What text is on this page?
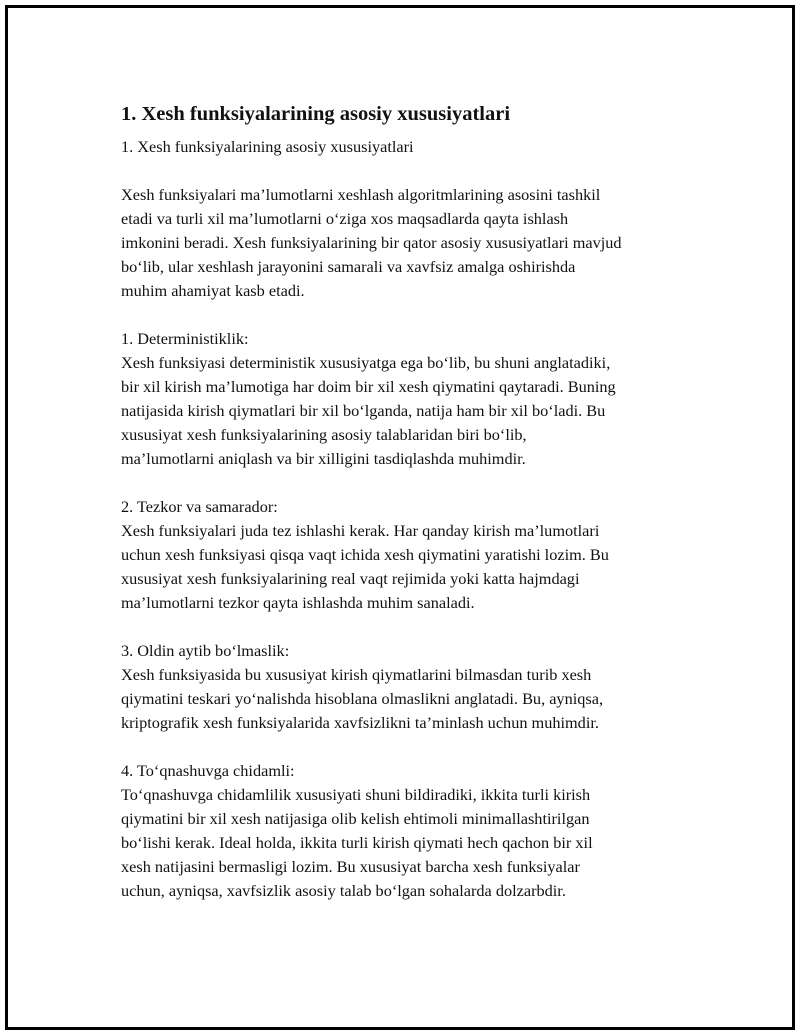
1. Xesh funksiyalarining asosiy xususiyatlari

1. Xesh funksiyalarining asosiy xususiyatlari

Xesh funksiyalari ma’lumotlarni xeshlash algoritmlarining asosini tashkil
etadi va turli xil ma’lumotlarni o‘ziga xos maqsadlarda qayta ishlash
imkonini beradi. Xesh funksiyalarining bir qator asosiy xususiyatlari mavjud
bo‘lib, ular xeshlash jarayonini samarali va xavfsiz amalga oshirishda
muhim ahamiyat kasb etadi.

1. Deterministiklik:

Xesh funksiyasi deterministik xususiyatga ega bo‘lib, bu shuni anglatadiki,
bir xil kirish ma’lumotiga har doim bir xil xesh qiymatini qaytaradi. Buning
natijasida kirish qiymatlari bir xil bo‘lganda, natija ham bir xil bo‘ladi. Bu
xususiyat xesh funksiyalarining asosiy talablaridan biri bo‘lib,
ma’lumotlarni aniqlash va bir xilligini tasdiqlashda muhimdir.

2. Tezkor va samarador:

Xesh funksiyalari juda tez ishlashi kerak. Har qanday kirish ma’lumotlari
uchun xesh funksiyasi qisqa vaqt ichida xesh qiymatini yaratishi lozim. Bu
xususiyat xesh funksiyalarining real vaqt rejimida yoki katta hajmdagi
ma’lumotlarni tezkor qayta ishlashda muhim sanaladi.

3. Oldin aytib bo‘lmaslik:

Xesh funksiyasida bu xususiyat kirish qiymatlarini bilmasdan turib xesh
qiymatini teskari yo‘nalishda hisoblana olmaslikni anglatadi. Bu, ayniqsa,
kriptografik xesh funksiyalarida xavfsizlikni ta’minlash uchun muhimdir.

4. To‘qnashuvga chidamli:

To‘qnashuvga chidamlilik xususiyati shuni bildiradiki, ikkita turli kirish
qiymatini bir xil xesh natijasiga olib kelish ehtimoli minimallashtirilgan
bo‘lishi kerak. Ideal holda, ikkita turli kirish qiymati hech qachon bir xil
xesh natijasini bermasligi lozim. Bu xususiyat barcha xesh funksiyalar
uchun, ayniqsa, xavfsizlik asosiy talab bo‘lgan sohalarda dolzarbdir.
